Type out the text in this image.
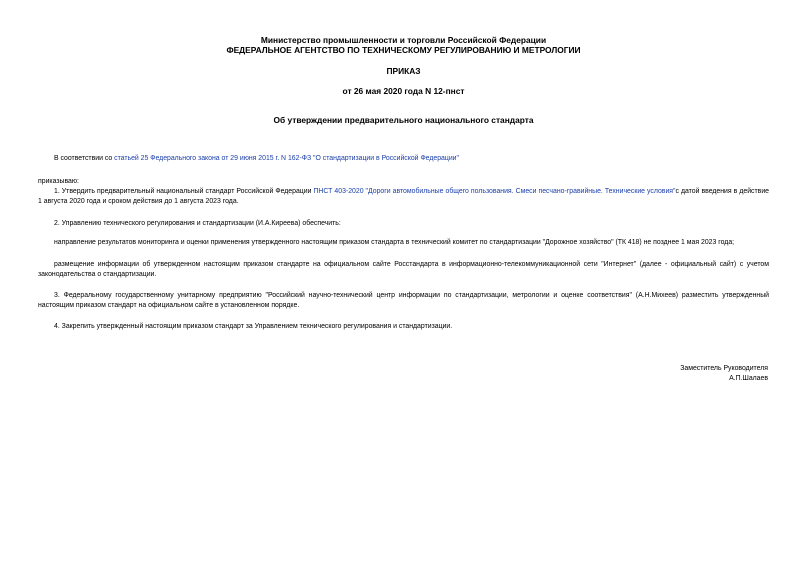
Министерство промышленности и торговли Российской Федерации
ФЕДЕРАЛЬНОЕ АГЕНТСТВО ПО ТЕХНИЧЕСКОМУ РЕГУЛИРОВАНИЮ И МЕТРОЛОГИИ
ПРИКАЗ
от 26 мая 2020 года N 12-пнст
Об утверждении предварительного национального стандарта
В соответствии со статьей 25 Федерального закона от 29 июня 2015 г. N 162-ФЗ "О стандартизации в Российской Федерации"
приказываю:
1. Утвердить предварительный национальный стандарт Российской Федерации ПНСТ 403-2020 "Дороги автомобильные общего пользования. Смеси песчано-гравийные. Технические условия"с датой введения в действие 1 августа 2020 года и сроком действия до 1 августа 2023 года.
2. Управлению технического регулирования и стандартизации (И.А.Киреева) обеспечить:
направление результатов мониторинга и оценки применения утвержденного настоящим приказом стандарта в технический комитет по стандартизации "Дорожное хозяйство" (ТК 418) не позднее 1 мая 2023 года;
размещение информации об утвержденном настоящим приказом стандарте на официальном сайте Росстандарта в информационно-телекоммуникационной сети "Интернет" (далее - официальный сайт) с учетом законодательства о стандартизации.
3. Федеральному государственному унитарному предприятию "Российский научно-технический центр информации по стандартизации, метрологии и оценке соответствия" (А.Н.Михеев) разместить утвержденный настоящим приказом стандарт на официальном сайте в установленном порядке.
4. Закрепить утвержденный настоящим приказом стандарт за Управлением технического регулирования и стандартизации.
Заместитель Руководителя
А.П.Шалаев
